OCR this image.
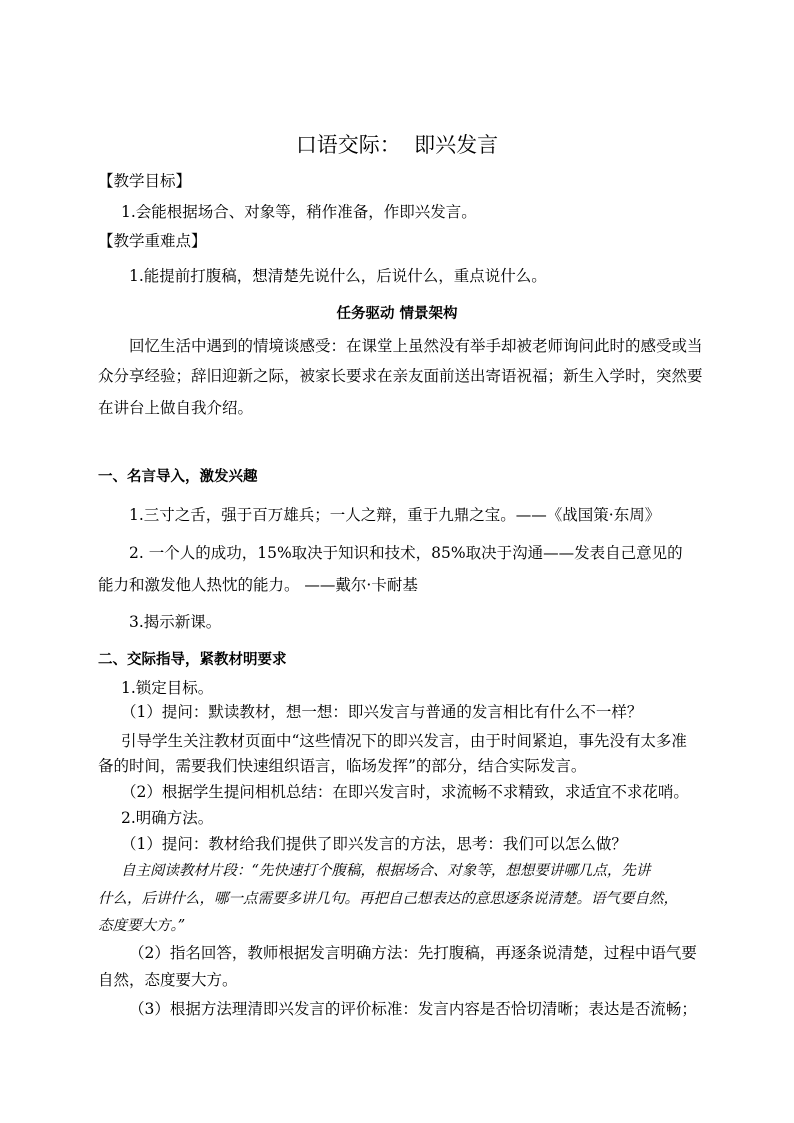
口语交际：  即兴发言
【教学目标】
1.会能根据场合、对象等，稍作准备，作即兴发言。
【教学重难点】
1.能提前打腹稿，想清楚先说什么，后说什么，重点说什么。
任务驱动 情景架构
回忆生活中遇到的情境谈感受：在课堂上虽然没有举手却被老师询问此时的感受或当
众分享经验；辞旧迎新之际，被家长要求在亲友面前送出寄语祝福；新生入学时，突然要
在讲台上做自我介绍。
一、名言导入，激发兴趣
1.三寸之舌，强于百万雄兵；一人之辩，重于九鼎之宝。——《战国策·东周》
2. 一个人的成功，15%取决于知识和技术，85%取决于沟通——发表自己意见的
能力和激发他人热忱的能力。 ——戴尔·卡耐基
3.揭示新课。
二、交际指导，紧教材明要求
1.锁定目标。
（1）提问：默读教材，想一想：即兴发言与普通的发言相比有什么不一样？
引导学生关注教材页面中“这些情况下的即兴发言，由于时间紧迫，事先没有太多准
备的时间，需要我们快速组织语言，临场发挥”的部分，结合实际发言。
（2）根据学生提问相机总结：在即兴发言时，求流畅不求精致，求适宜不求花哨。
2.明确方法。
（1）提问：教材给我们提供了即兴发言的方法，思考：我们可以怎么做？
自主阅读教材片段：“先快速打个腹稿，根据场合、对象等，想想要讲哪几点，先讲
什么，后讲什么，哪一点需要多讲几句。再把自己想表达的意思逐条说清楚。语气要自然，
态度要大方。”
（2）指名回答，教师根据发言明确方法：先打腹稿，再逐条说清楚，过程中语气要
自然，态度要大方。
（3）根据方法理清即兴发言的评价标准：发言内容是否恰切清晰；表达是否流畅；
